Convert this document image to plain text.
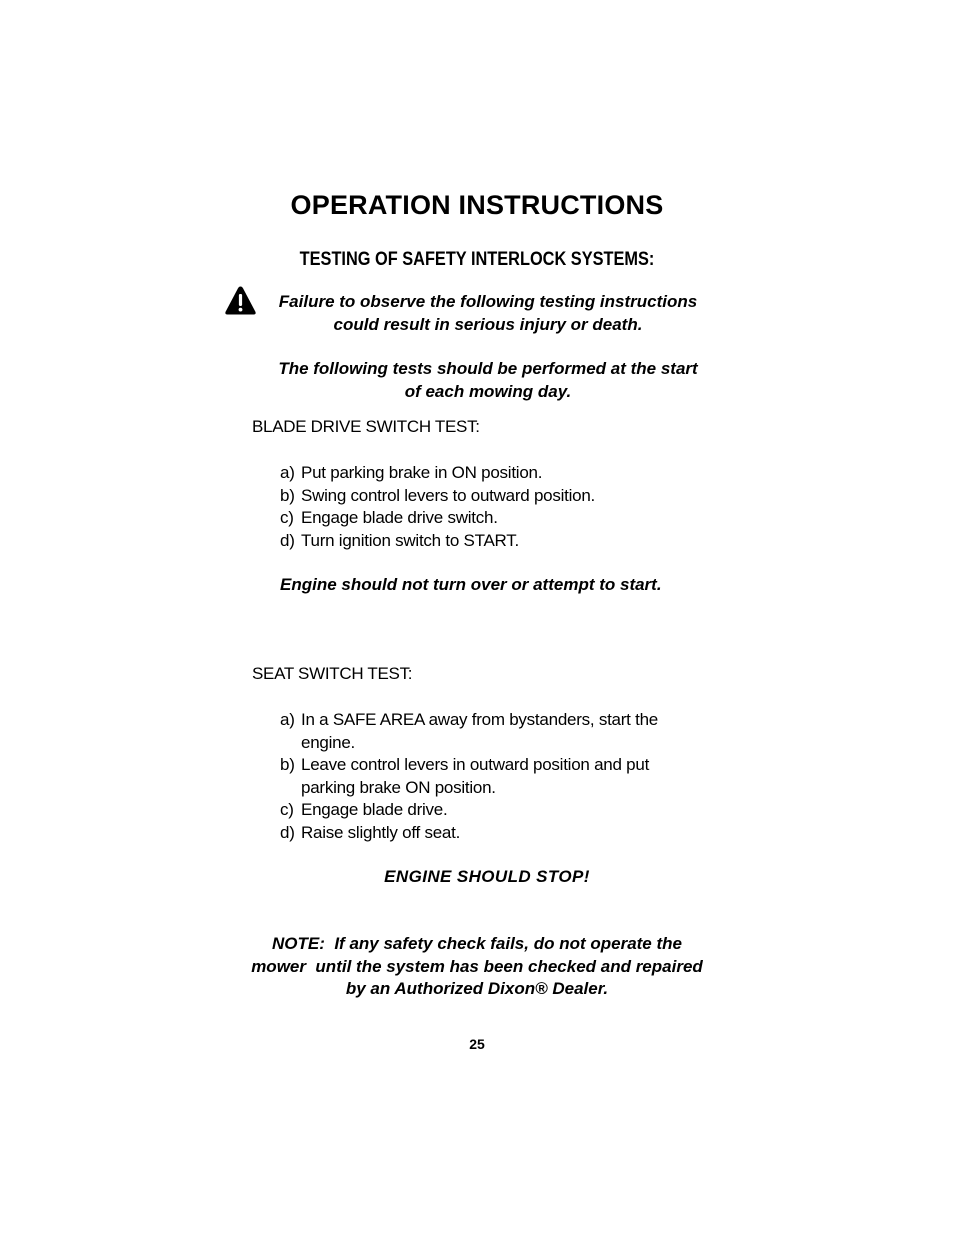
OPERATION INSTRUCTIONS
TESTING OF SAFETY INTERLOCK SYSTEMS:
Failure to observe the following testing instructions
could result in serious injury or death.
The following tests should be performed at the start
of each mowing day.
BLADE DRIVE SWITCH TEST:
a) Put parking brake in ON position.
b) Swing control levers to outward position.
c) Engage blade drive switch.
d) Turn ignition switch to START.
Engine should not turn over or attempt to start.
SEAT SWITCH TEST:
a) In a SAFE AREA away from bystanders, start the
engine.
b) Leave control levers in outward position and put
parking brake ON position.
c) Engage blade drive.
d) Raise slightly off seat.
ENGINE SHOULD STOP!
NOTE:  If any safety check fails, do not operate the
mower  until the system has been checked and repaired
by an Authorized Dixon® Dealer.
25
